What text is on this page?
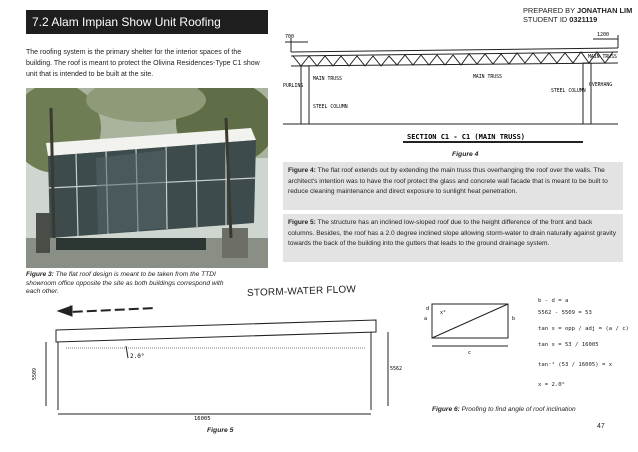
7.2 Alam Impian Show Unit Roofing
PREPARED BY JONATHAN LIM
STUDENT ID 0321119
The roofing system is the primary shelter for the interior spaces of the building. The roof is meant to protect the Olivina Residences-Type C1 show unit that is intended to be built at the site.
Figure 3: The flat roof design is meant to be taken from the TTDI showroom office opposite the site as both buildings correspond with each other.
700	1200
MAIN TRUSS	MAIN TRUSS
MAIN TRUSS
PURLINS
STEEL COLUMN
STEEL COLUMN
OVERHANG
SECTION C1 - C1 (MAIN TRUSS)
Figure 4
Figure 4: The flat roof extends out by extending the main truss thus overhanging the roof over the walls. The architect's intention was to have the roof protect the glass and concrete wall facade that is meant to be built to reduce cleaning maintenance and direct exposure to sunlight heat penetration.
Figure 5: The structure has an inclined low-sloped roof due to the height difference of the front and back columns. Besides, the roof has a 2.0 degree inclined slope allowing storm-water to drain naturally against gravity towards the back of the building into the gutters that leads to the ground drainage system.
STORM-WATER FLOW
2.0°
5509	5562
16005
a	b
c
d
x°
b - d = a
5562 - 5509 = 53
tan x = opp / adj = (a / c)
tan x = 53 / 16005
tan⁻¹ (53 / 16005) = x
x = 2.0°
Figure 6: Proofing to find angle of roof inclination
Figure 5
47
